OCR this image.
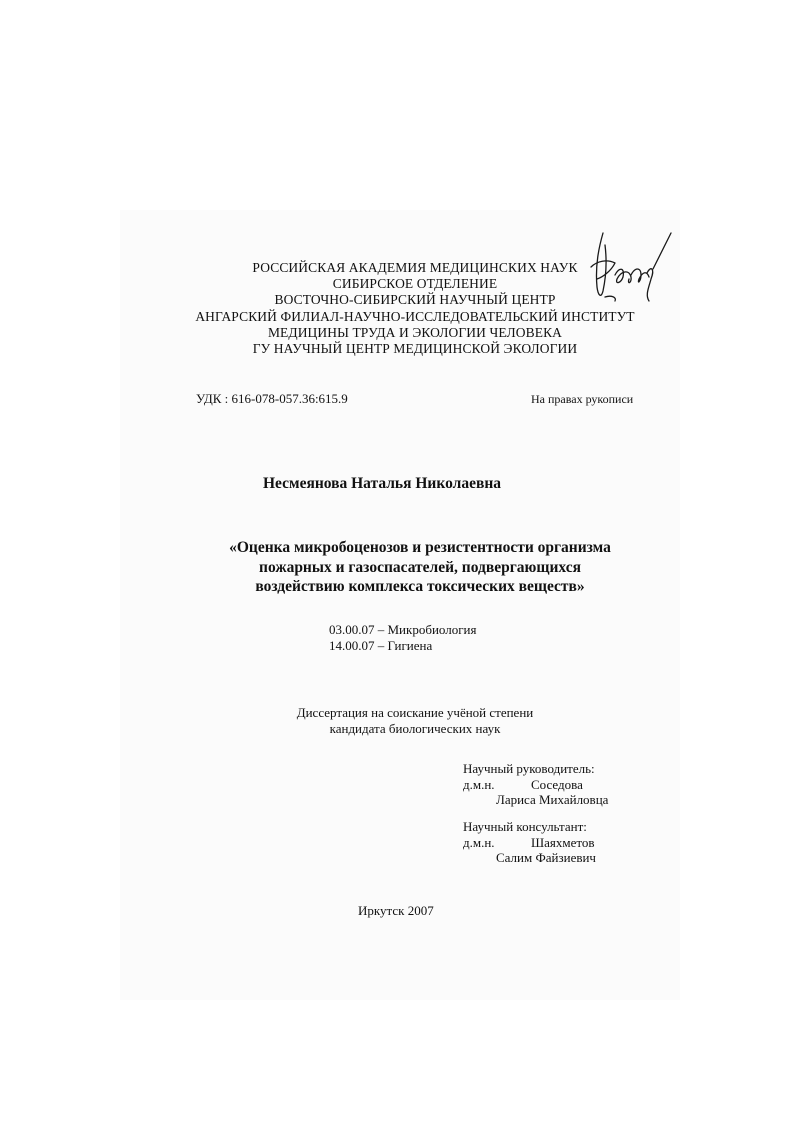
РОССИЙСКАЯ АКАДЕМИЯ МЕДИЦИНСКИХ НАУК
СИБИРСКОЕ ОТДЕЛЕНИЕ
ВОСТОЧНО-СИБИРСКИЙ НАУЧНЫЙ ЦЕНТР
АНГАРСКИЙ ФИЛИАЛ-НАУЧНО-ИССЛЕДОВАТЕЛЬСКИЙ ИНСТИТУТ
МЕДИЦИНЫ ТРУДА И ЭКОЛОГИИ ЧЕЛОВЕКА
ГУ НАУЧНЫЙ ЦЕНТР МЕДИЦИНСКОЙ ЭКОЛОГИИ
УДК : 616-078-057.36:615.9	На правах рукописи
Несмеянова Наталья Николаевна
«Оценка микробоценозов и резистентности организма
пожарных и газоспасателей, подвергающихся
воздействию комплекса токсических веществ»
03.00.07 – Микробиология
14.00.07 – Гигиена
Диссертация на соискание учёной степени
кандидата биологических наук
Научный руководитель:
д.м.н.	Соседова
Лариса Михайловца
Научный консультант:
д.м.н.	Шаяхметов
Салим Файзиевич
Иркутск 2007
